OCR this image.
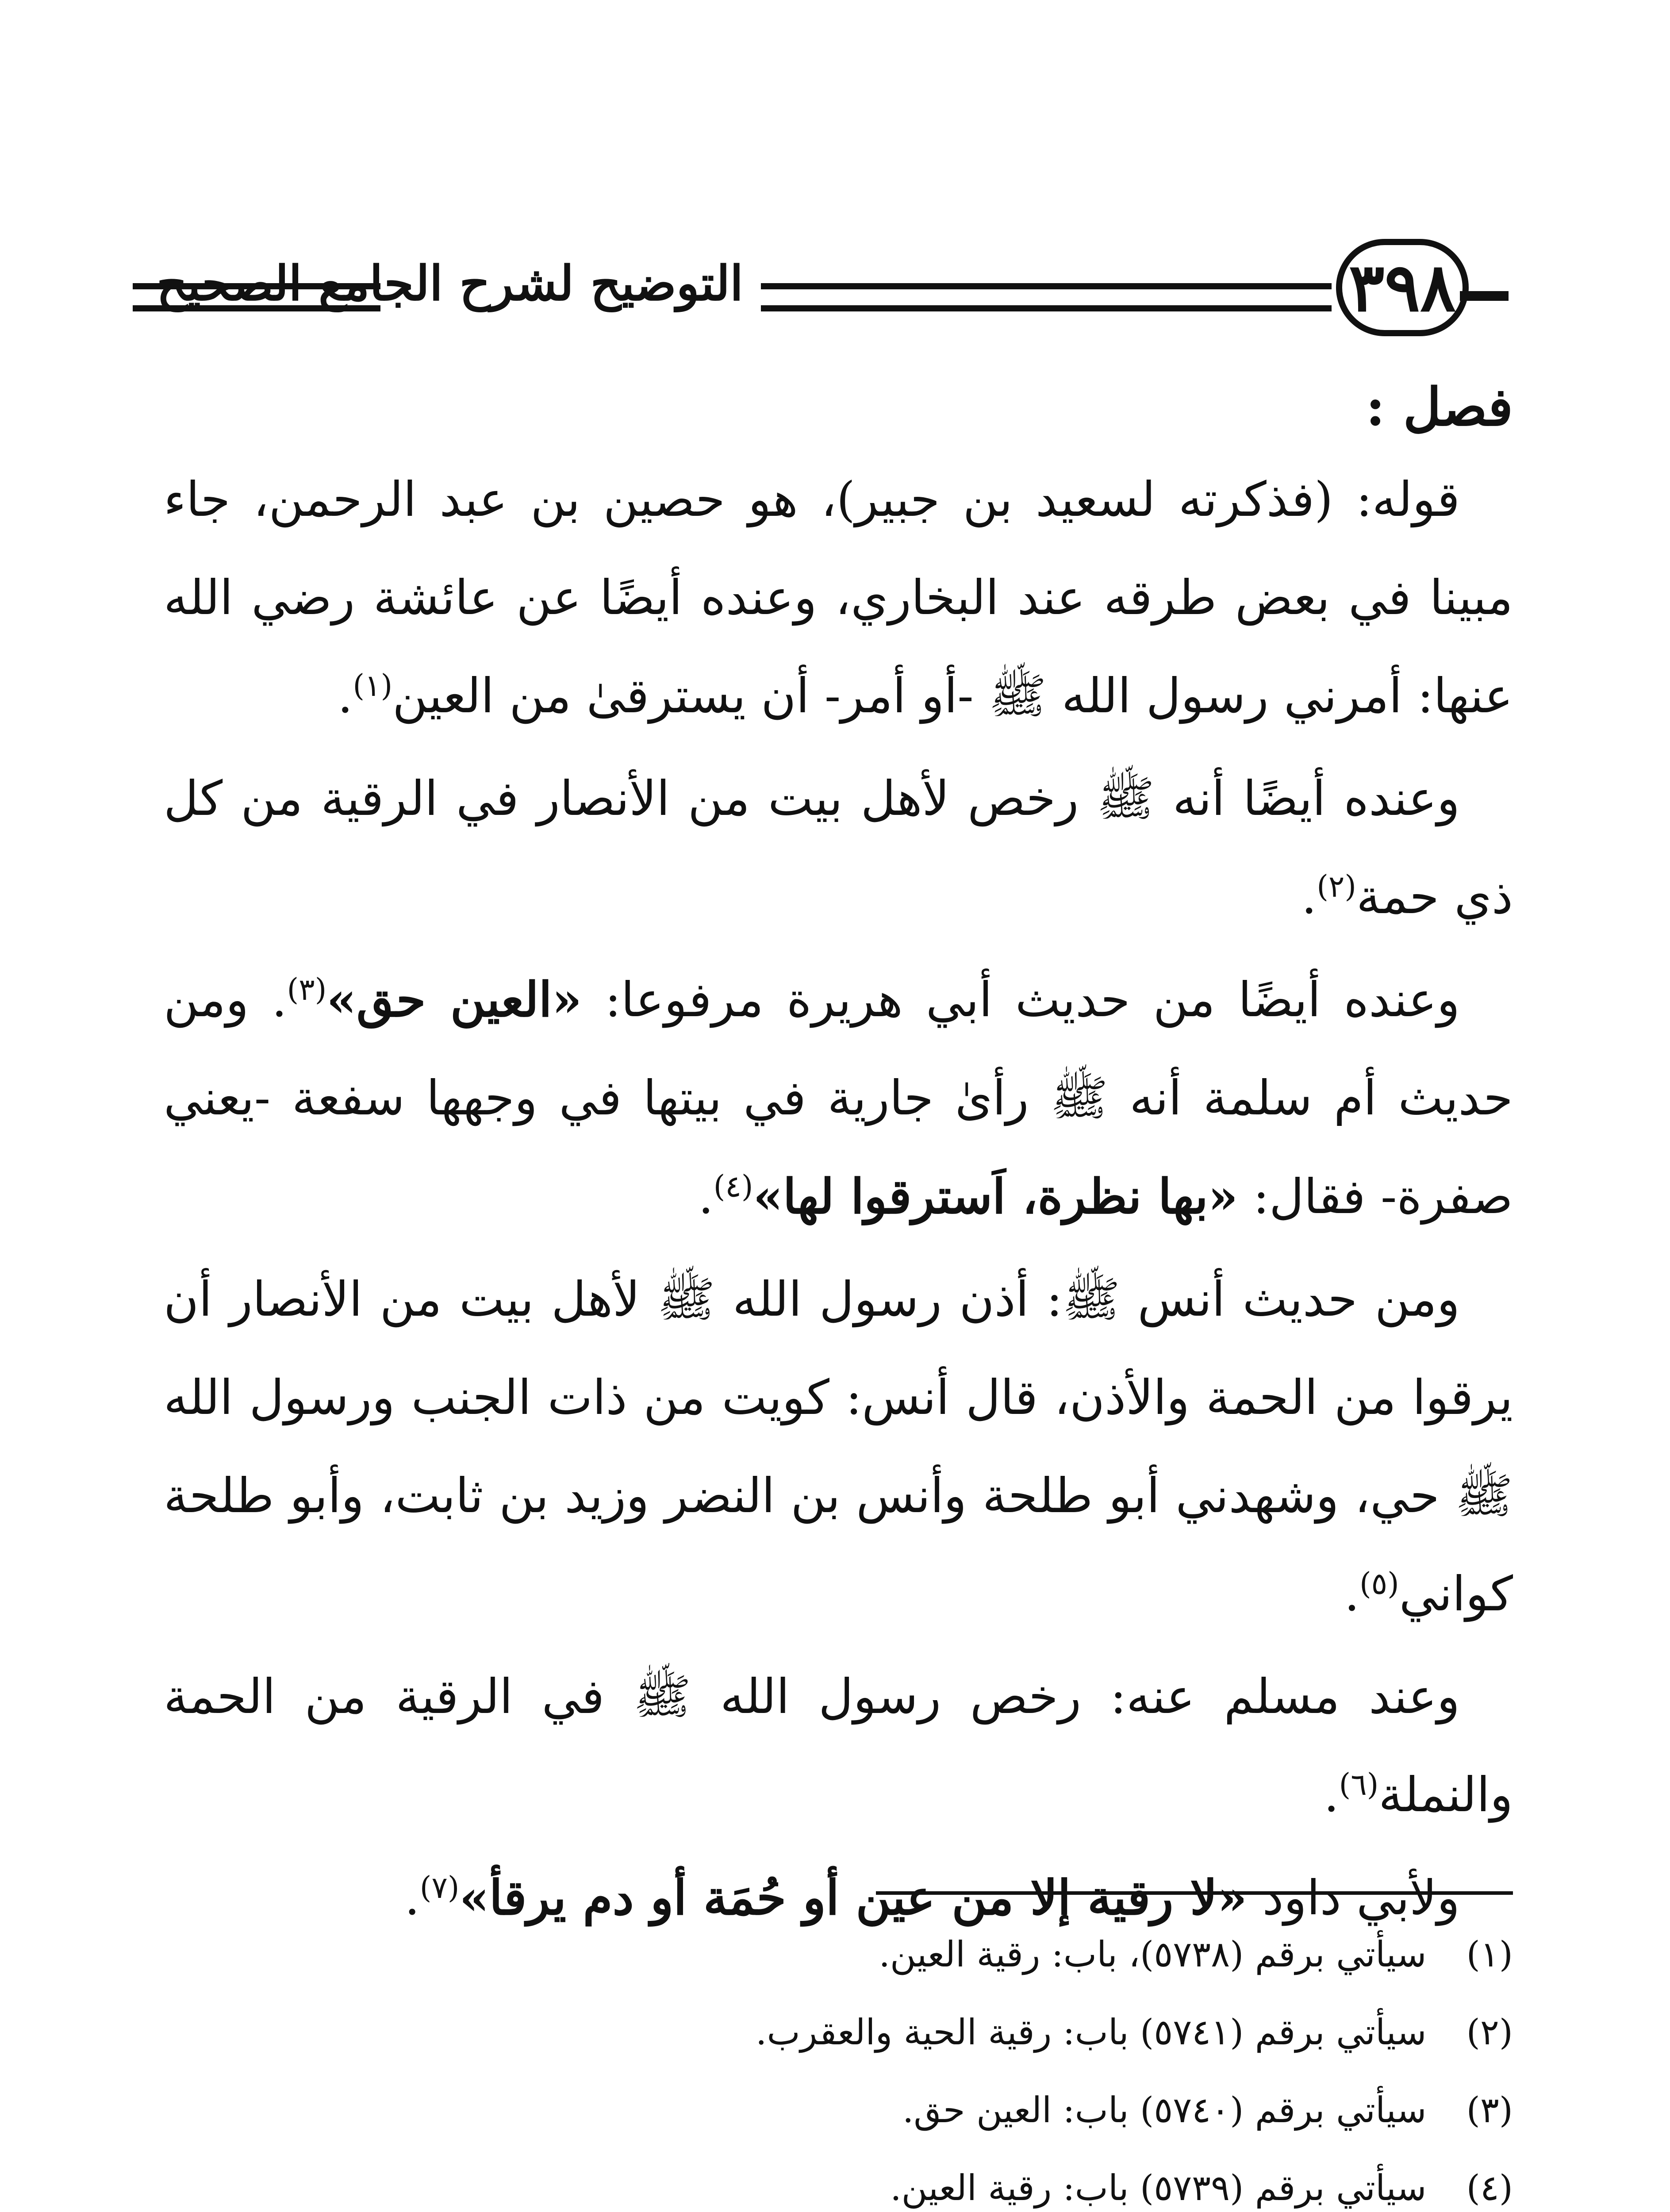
التوضيح لشرح الجامع الصحيح	٣٩٨
فصل :

قوله: (فذكرته لسعيد بن جبير)، هو حصين بن عبد الرحمن، جاء مبينا في بعض طرقه عند البخاري، وعنده أيضًا عن عائشة رضي الله عنها: أمرني رسول الله ﷺ -أو أمر- أن يسترقىٰ من العين$^{(١)}$.

وعنده أيضًا أنه ﷺ رخص لأهل بيت من الأنصار في الرقية من كل ذي حمة$^{(٢)}$.

وعنده أيضًا من حديث أبي هريرة مرفوعا: «العين حق»$^{(٣)}$. ومن حديث أم سلمة أنه ﷺ رأىٰ جارية في بيتها في وجهها سفعة -يعني صفرة- فقال: «بها نظرة، اَسترقوا لها»$^{(٤)}$.

ومن حديث أنس ﷺ: أذن رسول الله ﷺ لأهل بيت من الأنصار أن يرقوا من الحمة والأذن، قال أنس: كويت من ذات الجنب ورسول الله ﷺ حي، وشهدني أبو طلحة وأنس بن النضر وزيد بن ثابت، وأبو طلحة كواني$^{(٥)}$.

وعند مسلم عنه: رخص رسول الله ﷺ في الرقية من الحمة والنملة$^{(٦)}$.

ولأبي داود «لا رقية إلا من عين أو حُمَة أو دم يرقأ»$^{(٧)}$.

(١) سيأتي برقم (٥٧٣٨)، باب: رقية العين.
(٢) سيأتي برقم (٥٧٤١) باب: رقية الحية والعقرب.
(٣) سيأتي برقم (٥٧٤٠) باب: العين حق.
(٤) سيأتي برقم (٥٧٣٩) باب: رقية العين.
